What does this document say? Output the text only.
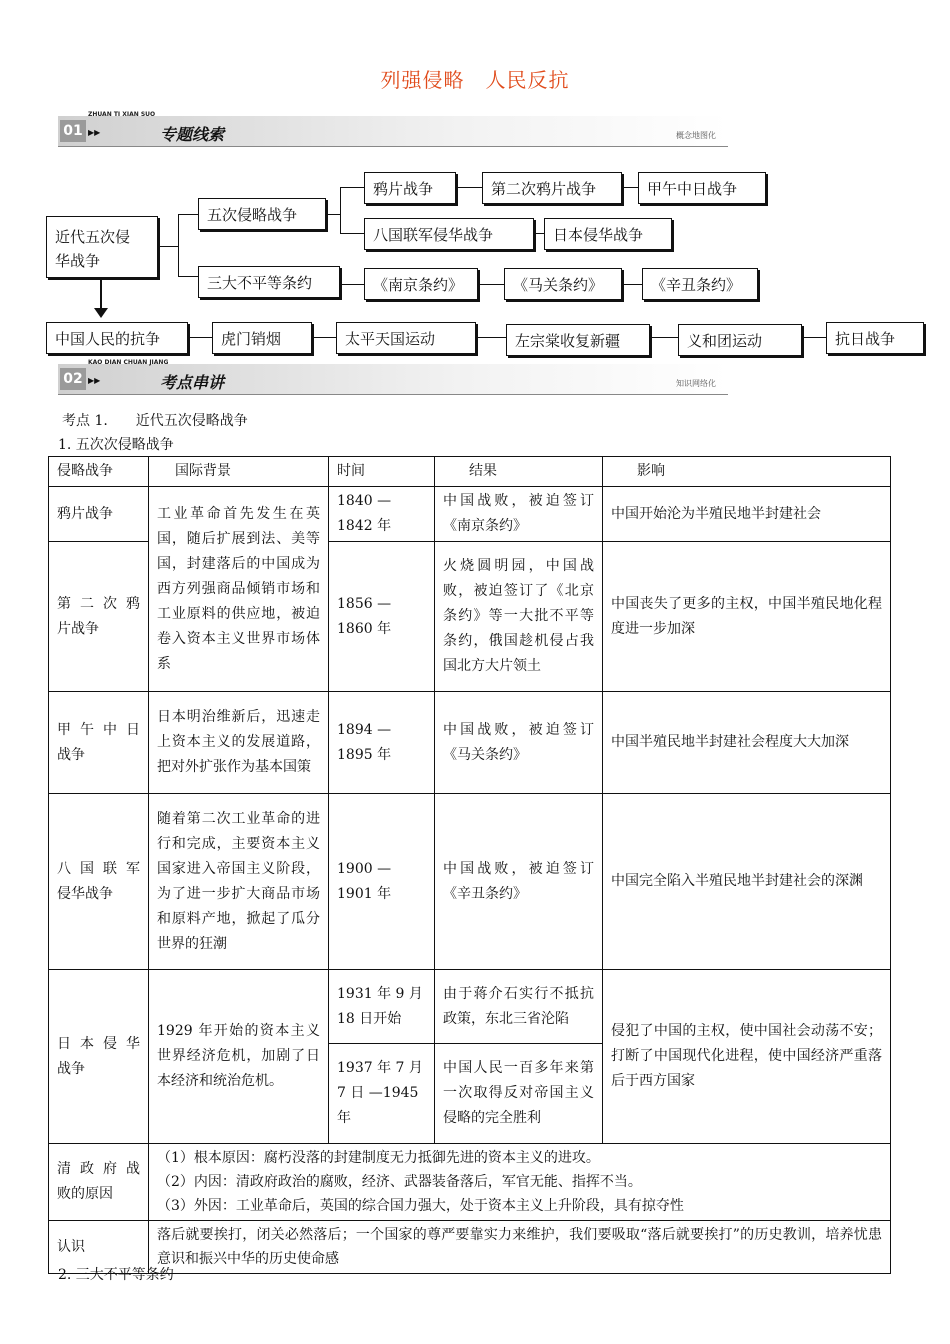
列强侵略　人民反抗
01
ZHUAN TI XIAN SUO
▶▶	专题线索	概念地图化
近代五次侵华战争
五次侵略战争
三大不平等条约
鸦片战争	第二次鸦片战争	甲午中日战争
八国联军侵华战争	日本侵华战争
《南京条约》	《马关条约》	《辛丑条约》
中国人民的抗争	虎门销烟	太平天国运动	左宗棠收复新疆	义和团运动	抗日战争
02
KAO DIAN CHUAN JIANG
▶▶	考点串讲	知识网络化
考点 1.　　近代五次侵略战争
1. 五次次侵略战争
侵略战争	国际背景	时间	结果	影响
鸦片战争	工业革命首先发生在英国，随后扩展到法、美等国，封建落后的中国成为西方列强商品倾销市场和工业原料的供应地，被迫卷入资本主义世界市场体系	1840 — 1842 年	中国战败，被迫签订《南京条约》	中国开始沦为半殖民地半封建社会
第 二 次 鸦 片战争		1856 — 1860 年	火烧圆明园，中国战败，被迫签订了《北京条约》等一大批不平等条约，俄国趁机侵占我国北方大片领土	中国丧失了更多的主权，中国半殖民地化程度进一步加深
甲 午 中 日 战争	日本明治维新后，迅速走上资本主义的发展道路，把对外扩张作为基本国策	1894 — 1895 年	中国战败，被迫签订《马关条约》	中国半殖民地半封建社会程度大大加深
八 国 联 军 侵华战争	随着第二次工业革命的进行和完成，主要资本主义国家进入帝国主义阶段，为了进一步扩大商品市场和原料产地，掀起了瓜分世界的狂潮	1900 — 1901 年	中国战败，被迫签订《辛丑条约》	中国完全陷入半殖民地半封建社会的深渊
日 本 侵 华 战争	1929 年开始的资本主义世界经济危机，加剧了日本经济和统治危机。	1931 年 9 月 18 日开始	由于蒋介石实行不抵抗政策，东北三省沦陷	侵犯了中国的主权，使中国社会动荡不安；打断了中国现代化进程，使中国经济严重落后于西方国家
		1937 年 7 月 7 日 —1945 年	中国人民一百多年来第一次取得反对帝国主义侵略的完全胜利	
清 政 府 战 败的原因	（1）根本原因：腐朽没落的封建制度无力抵御先进的资本主义的进攻。
（2）内因：清政府政治的腐败，经济、武器装备落后，军官无能、指挥不当。
（3）外因：工业革命后，英国的综合国力强大，处于资本主义上升阶段，具有掠夺性			

认识	落后就要挨打，闭关必然落后；一个国家的尊严要靠实力来维护，我们要吸取“落后就要挨打”的历史教训，培养忧患意识和振兴中华的历史使命感			
2. 三大不平等条约
